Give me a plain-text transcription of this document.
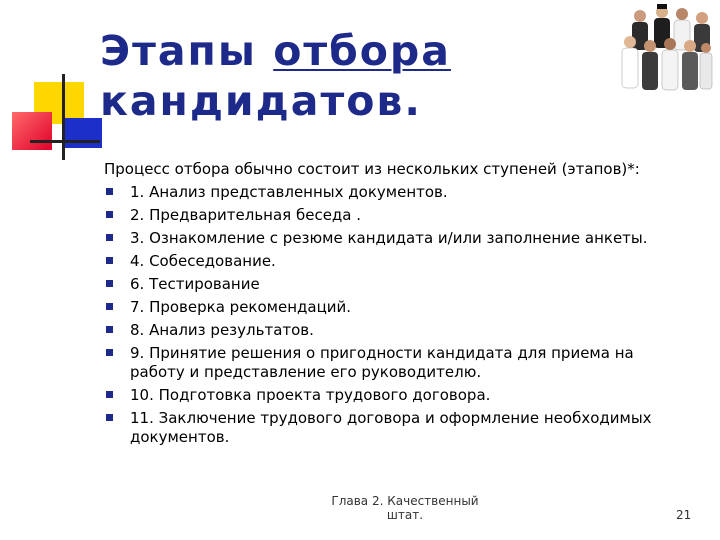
Этапы отбора
кандидатов.

Процесс отбора обычно состоит из нескольких ступеней (этапов)*:

1. Анализ представленных документов.
2. Предварительная беседа .
3. Ознакомление с резюме кандидата и/или заполнение анкеты.
4. Собеседование.
6. Тестирование
7. Проверка рекомендаций.
8. Анализ результатов.
9. Принятие решения о пригодности кандидата для приема на работу и представление его руководителю.
10. Подготовка проекта трудового договора.
11. Заключение трудового договора и оформление необходимых документов.
Глава 2. Качественный штат.	21
